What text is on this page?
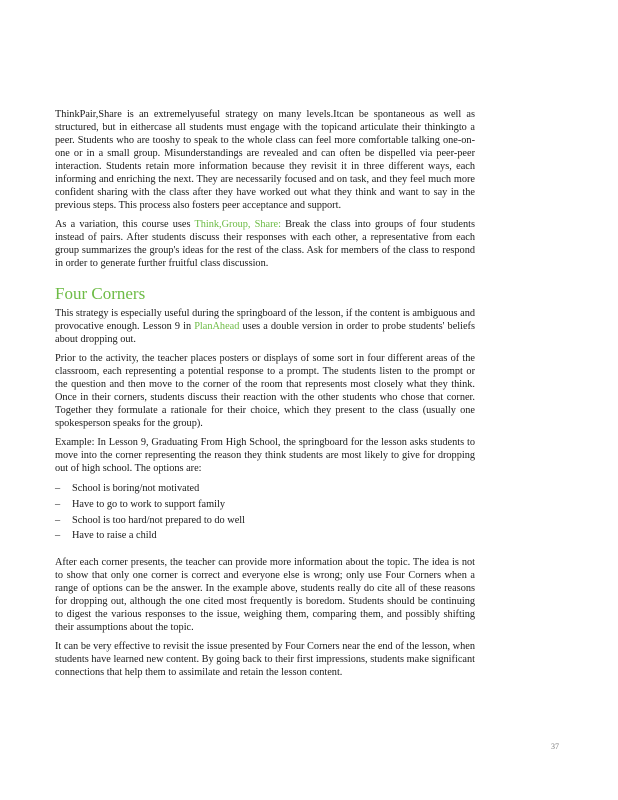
ThinkPair,Share is an extremelyuseful strategy on many levels.Itcan be spontaneous as well as structured, but in eithercase all students must engage with the topicand articulate their thinkingto a peer. Students who are tooshy to speak to the whole class can feel more comfortable talking one-on-one or in a small group. Misunderstandings are revealed and can often be dispelled via peer-peer interaction. Students retain more information because they revisit it in three different ways, each informing and enriching the next. They are necessarily focused and on task, and they feel much more confident sharing with the class after they have worked out what they think and want to say in the previous steps. This process also fosters peer acceptance and support.

As a variation, this course uses Think,Group, Share: Break the class into groups of four students instead of pairs. After students discuss their responses with each other, a representative from each group summarizes the group's ideas for the rest of the class. Ask for members of the class to respond in order to generate further fruitful class discussion.

Four Corners

This strategy is especially useful during the springboard of the lesson, if the content is ambiguous and provocative enough. Lesson 9 in PlanAhead uses a double version in order to probe students' beliefs about dropping out.

Prior to the activity, the teacher places posters or displays of some sort in four different areas of the classroom, each representing a potential response to a prompt. The students listen to the prompt or the question and then move to the corner of the room that represents most closely what they think. Once in their corners, students discuss their reaction with the other students who chose that corner. Together they formulate a rationale for their choice, which they present to the class (usually one spokesperson speaks for the group).

Example: In Lesson 9, Graduating From High School, the springboard for the lesson asks students to move into the corner representing the reason they think students are most likely to give for dropping out of high school. The options are:

– School is boring/not motivated
– Have to go to work to support family
– School is too hard/not prepared to do well
– Have to raise a child

After each corner presents, the teacher can provide more information about the topic. The idea is not to show that only one corner is correct and everyone else is wrong; only use Four Corners when a range of options can be the answer. In the example above, students really do cite all of these reasons for dropping out, although the one cited most frequently is boredom. Students should be continuing to digest the various responses to the issue, weighing them, comparing them, and possibly shifting their assumptions about the topic.

It can be very effective to revisit the issue presented by Four Corners near the end of the lesson, when students have learned new content. By going back to their first impressions, students make significant connections that help them to assimilate and retain the lesson content.

37
